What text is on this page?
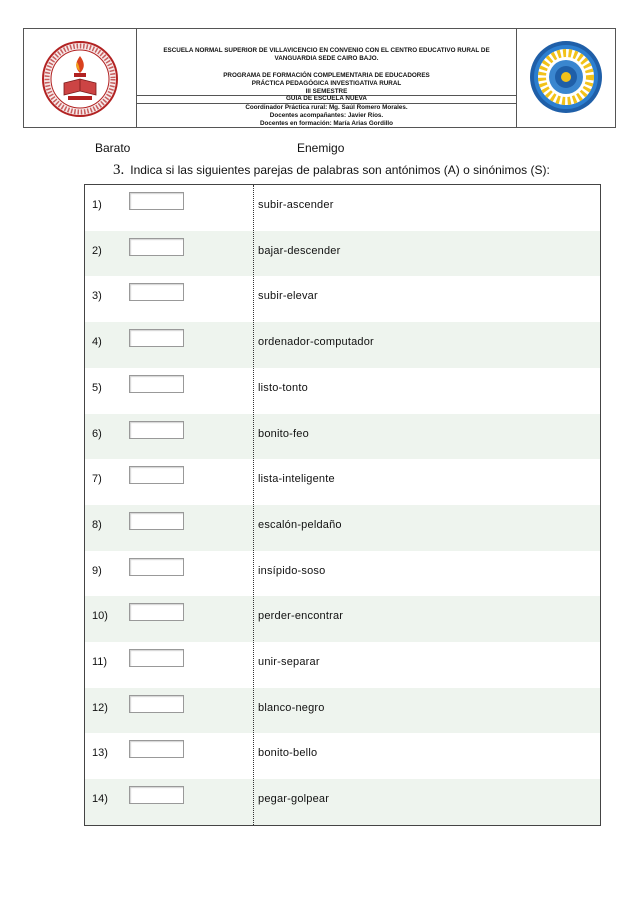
ESCUELA NORMAL SUPERIOR DE VILLAVICENCIO EN CONVENIO CON EL CENTRO EDUCATIVO RURAL DE
VANGUARDIA SEDE CAIRO BAJO.
PROGRAMA DE FORMACIÓN COMPLEMENTARIA DE EDUCADORES
PRÁCTICA PEDAGÓGICA INVESTIGATIVA RURAL
III SEMESTRE
GUIA DE ESCUELA NUEVA
Coordinador Práctica rural: Mg. Saúl Romero Morales.
Docentes acompañantes: Javier Ríos.
Docentes en formación: María Arias Gordillo
Barato	Enemigo
3. Indica si las siguientes parejas de palabras son antónimos (A) o sinónimos (S):
14)	pegar-golpear
13)	bonito-bello
12)	blanco-negro
11)	unir-separar
10)	perder-encontrar
9)	insípido-soso
8)	escalón-peldaño
7)	lista-inteligente
6)	bonito-feo
5)	listo-tonto
4)	ordenador-computador
3)	subir-elevar
2)	bajar-descender
1)	subir-ascender
